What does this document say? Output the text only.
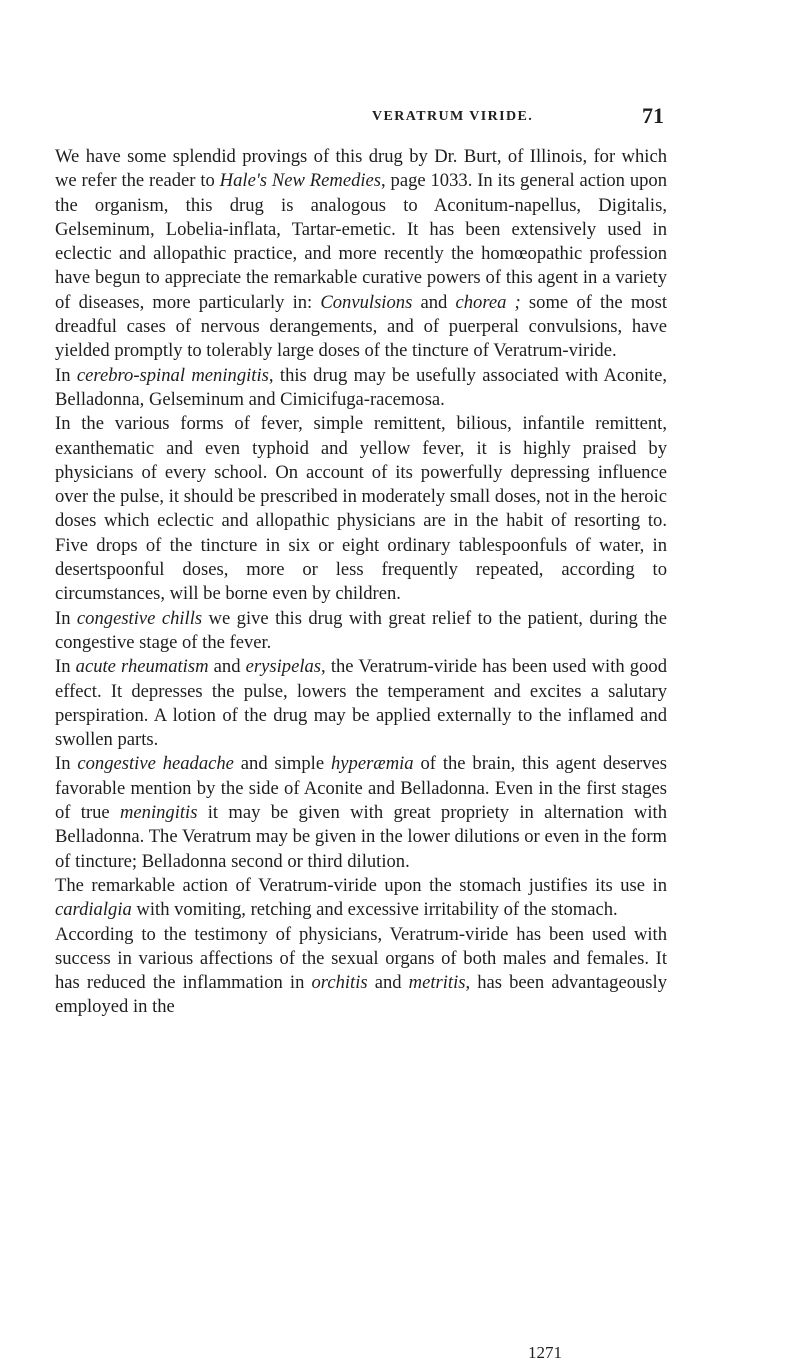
VERATRUM VIRIDE.	71

We have some splendid provings of this drug by Dr. Burt, of Illinois, for which we refer the reader to Hale's New Remedies, page 1033. In its general action upon the organism, this drug is analogous to Aconitum-napellus, Digitalis, Gelseminum, Lobelia-inflata, Tartar-emetic. It has been extensively used in eclectic and allopathic practice, and more recently the homœopathic profession have begun to appreciate the remarkable curative powers of this agent in a variety of diseases, more particularly in: Convulsions and chorea ; some of the most dreadful cases of nervous derangements, and of puerperal convulsions, have yielded promptly to tolerably large doses of the tincture of Veratrum-viride.

In cerebro-spinal meningitis, this drug may be usefully associated with Aconite, Belladonna, Gelseminum and Cimicifuga-racemosa.

In the various forms of fever, simple remittent, bilious, infantile remittent, exanthematic and even typhoid and yellow fever, it is highly praised by physicians of every school. On account of its powerfully depressing influence over the pulse, it should be prescribed in moderately small doses, not in the heroic doses which eclectic and allopathic physicians are in the habit of resorting to. Five drops of the tincture in six or eight ordinary tablespoonfuls of water, in desertspoonful doses, more or less frequently repeated, according to circumstances, will be borne even by children.

In congestive chills we give this drug with great relief to the patient, during the congestive stage of the fever.

In acute rheumatism and erysipelas, the Veratrum-viride has been used with good effect. It depresses the pulse, lowers the temperament and excites a salutary perspiration. A lotion of the drug may be applied externally to the inflamed and swollen parts.

In congestive headache and simple hyperæmia of the brain, this agent deserves favorable mention by the side of Aconite and Belladonna. Even in the first stages of true meningitis it may be given with great propriety in alternation with Belladonna. The Veratrum may be given in the lower dilutions or even in the form of tincture; Belladonna second or third dilution.

The remarkable action of Veratrum-viride upon the stomach justifies its use in cardialgia with vomiting, retching and excessive irritability of the stomach.

According to the testimony of physicians, Veratrum-viride has been used with success in various affections of the sexual organs of both males and females. It has reduced the inflammation in orchitis and metritis, has been advantageously employed in the

1271
